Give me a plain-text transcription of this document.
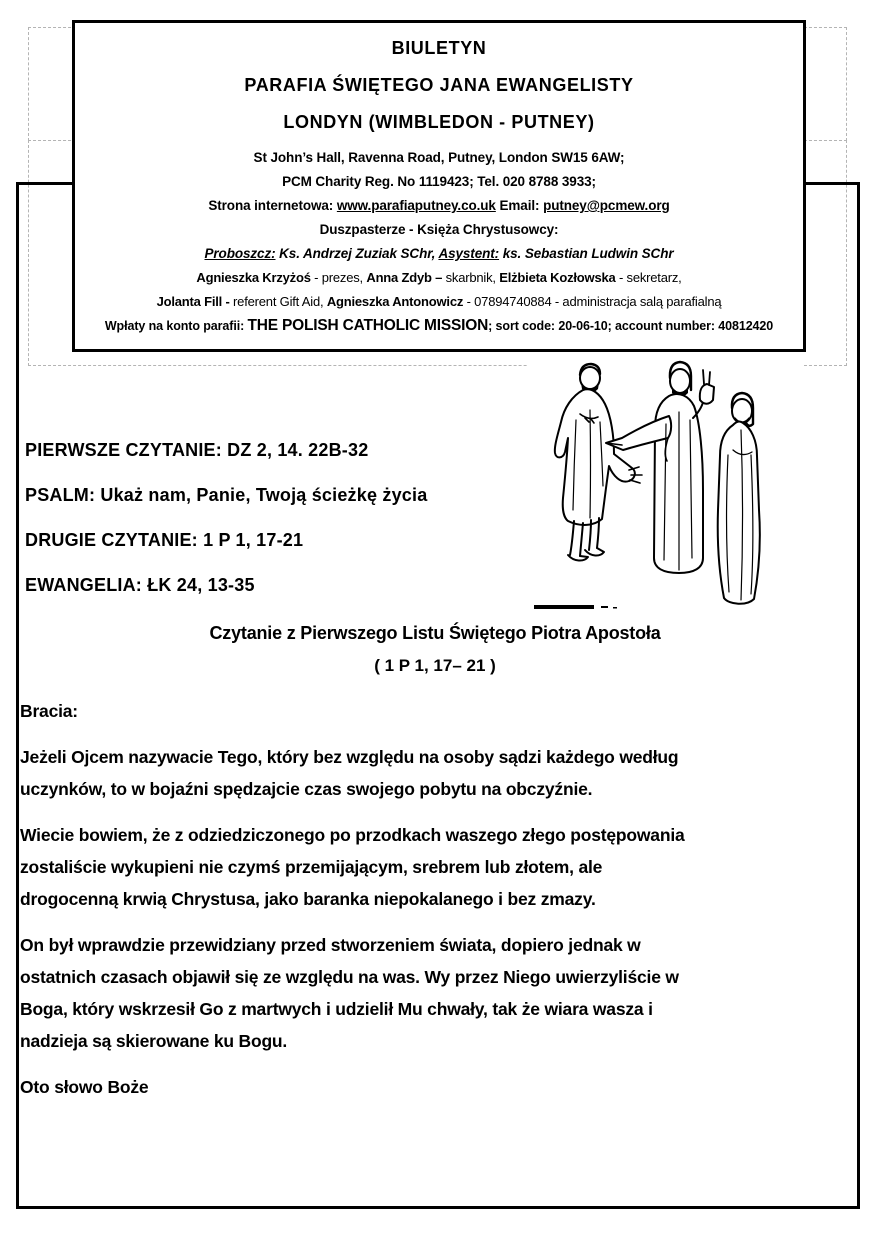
BIULETYN
PARAFIA ŚWIĘTEGO JANA EWANGELISTY
LONDYN (WIMBLEDON - PUTNEY)
St John’s Hall, Ravenna Road, Putney, London SW15 6AW;
PCM Charity Reg. No 1119423; Tel. 020 8788 3933;
Strona internetowa: www.parafiaputney.co.uk Email: putney@pcmew.org
Duszpasterze - Księża Chrystusowcy:
Proboszcz: Ks. Andrzej Zuziak SChr, Asystent: ks. Sebastian Ludwin SChr
Agnieszka Krzyżoś - prezes, Anna Zdyb – skarbnik, Elżbieta Kozłowska - sekretarz,
Jolanta Fill - referent Gift Aid, Agnieszka Antonowicz - 07894740884 - administracja salą parafialną
Wpłaty na konto parafii: THE POLISH CATHOLIC MISSION; sort code: 20-06-10; account number: 40812420
PIERWSZE CZYTANIE: DZ 2, 14. 22B-32
PSALM: Ukaż nam, Panie, Twoją ścieżkę życia
DRUGIE CZYTANIE: 1 P 1, 17-21
EWANGELIA: ŁK 24, 13-35
Czytanie z Pierwszego Listu Świętego Piotra Apostoła
( 1 P 1, 17– 21 )

Bracia:

Jeżeli Ojcem nazywacie Tego, który bez względu na osoby sądzi każdego według
uczynków, to w bojaźni spędzajcie czas swojego pobytu na obczyźnie.

Wiecie bowiem, że z odziedziczonego po przodkach waszego złego postępowania
zostaliście wykupieni nie czymś przemijającym, srebrem lub złotem, ale
drogocenną krwią Chrystusa, jako baranka niepokalanego i bez zmazy.

On był wprawdzie przewidziany przed stworzeniem świata, dopiero jednak w
ostatnich czasach objawił się ze względu na was. Wy przez Niego uwierzyliście w
Boga, który wskrzesił Go z martwych i udzielił Mu chwały, tak że wiara wasza i
nadzieja są skierowane ku Bogu.

Oto słowo Boże
